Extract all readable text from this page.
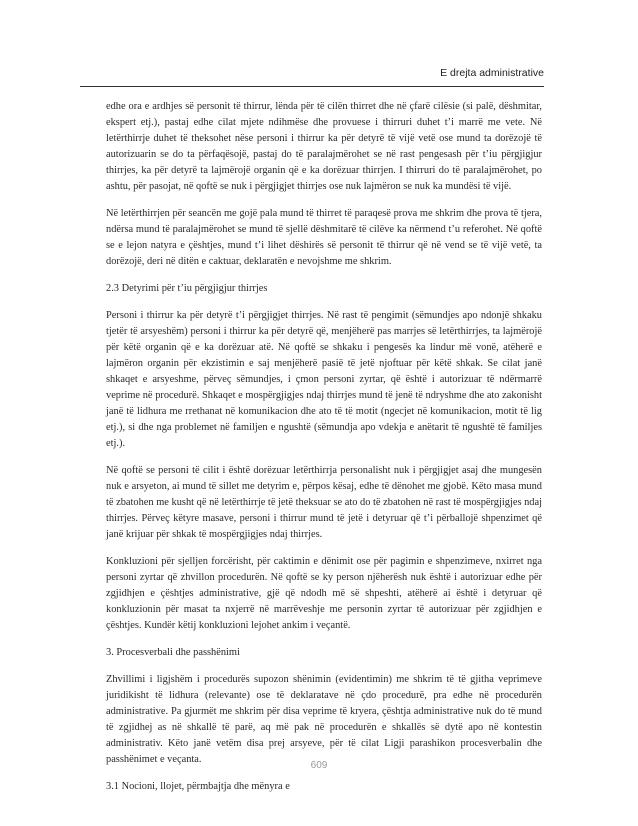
E drejta administrative

edhe ora e ardhjes së personit të thirrur, lënda për të cilën thirret dhe në çfarë cilësie (si palë, dëshmitar, ekspert etj.), pastaj edhe cilat mjete ndihmëse dhe provuese i thirruri duhet t’i marrë me vete. Në letërthirrje duhet të theksohet nëse personi i thirrur ka për detyrë të vijë vetë ose mund ta dorëzojë të autorizuarin se do ta përfaqësojë, pastaj do të paralajmërohet se në rast pengesash për t’iu përgjigjur thirrjes, ka për detyrë ta lajmërojë organin që e ka dorëzuar thirrjen. I thirruri do të paralajmërohet, po ashtu, për pasojat, në qoftë se nuk i përgjigjet thirrjes ose nuk lajmëron se nuk ka mundësi të vijë.

Në letërthirrjen për seancën me gojë pala mund të thirret të paraqesë prova me shkrim dhe prova të tjera, ndërsa mund të paralajmërohet se mund të sjellë dëshmitarë të cilëve ka nërmend t’u referohet. Në qoftë se e lejon natyra e çështjes, mund t’i lihet dëshirës së personit të thirrur që në vend se të vijë vetë, ta dorëzojë, deri në ditën e caktuar, deklaratën e nevojshme me shkrim.

2.3 Detyrimi për t’iu përgjigjur thirrjes

Personi i thirrur ka për detyrë t’i përgjigjet thirrjes. Në rast të pengimit (sëmundjes apo ndonjë shkaku tjetër të arsyeshëm) personi i thirrur ka për detyrë që, menjëherë pas marrjes së letërthirrjes, ta lajmërojë për këtë organin që e ka dorëzuar atë. Në qoftë se shkaku i pengesës ka lindur më vonë, atëherë e lajmëron organin për ekzistimin e saj menjëherë pasië të jetë njoftuar për këtë shkak. Se cilat janë shkaqet e arsyeshme, përveç sëmundjes, i çmon personi zyrtar, që është i autorizuar të ndërmarrë veprime në procedurë. Shkaqet e mospërgjigjes ndaj thirrjes mund të jenë të ndryshme dhe ato zakonisht janë të lidhura me rrethanat në komunikacion dhe ato të të motit (ngecjet në komunikacion, motit të lig etj.), si dhe nga problemet në familjen e ngushtë (sëmundja apo vdekja e anëtarit të ngushtë të familjes etj.).

Në qoftë se personi të cilit i është dorëzuar letërthirrja personalisht nuk i përgjigjet asaj dhe mungesën nuk e arsyeton, ai mund të sillet me detyrim e, përpos kësaj, edhe të dënohet me gjobë. Këto masa mund të zbatohen me kusht që në letërthirrje të jetë theksuar se ato do të zbatohen në rast të mospërgjigjes ndaj thirrjes. Përveç këtyre masave, personi i thirrur mund të jetë i detyruar që t’i përballojë shpenzimet që janë krijuar për shkak të mospërgjigjes ndaj thirrjes.

Konkluzioni për sjelljen forcërisht, për caktimin e dënimit ose për pagimin e shpenzimeve, nxirret nga personi zyrtar që zhvillon procedurën. Në qoftë se ky person njëherësh nuk është i autorizuar edhe për zgjidhjen e çështjes administrative, gjë që ndodh më së shpeshti, atëherë ai është i detyruar që konkluzionin për masat ta nxjerrë në marrëveshje me personin zyrtar të autorizuar për zgjidhjen e çështjes. Kundër këtij konkluzioni lejohet ankim i veçantë.

3. Procesverbali dhe passhënimi

Zhvillimi i ligjshëm i procedurës supozon shënimin (evidentimin) me shkrim të të gjitha veprimeve juridikisht të lidhura (relevante) ose të deklaratave në çdo procedurë, pra edhe në procedurën administrative. Pa gjurmët me shkrim për disa veprime të kryera, çështja administrative nuk do të mund të zgjidhej as në shkallë të parë, aq më pak në procedurën e shkallës së dytë apo në kontestin administrativ. Këto janë vetëm disa prej arsyeve, për të cilat Ligji parashikon procesverbalin dhe passhënimet e veçanta.

3.1 Nocioni, llojet, përmbajtja dhe mënyra e

609
